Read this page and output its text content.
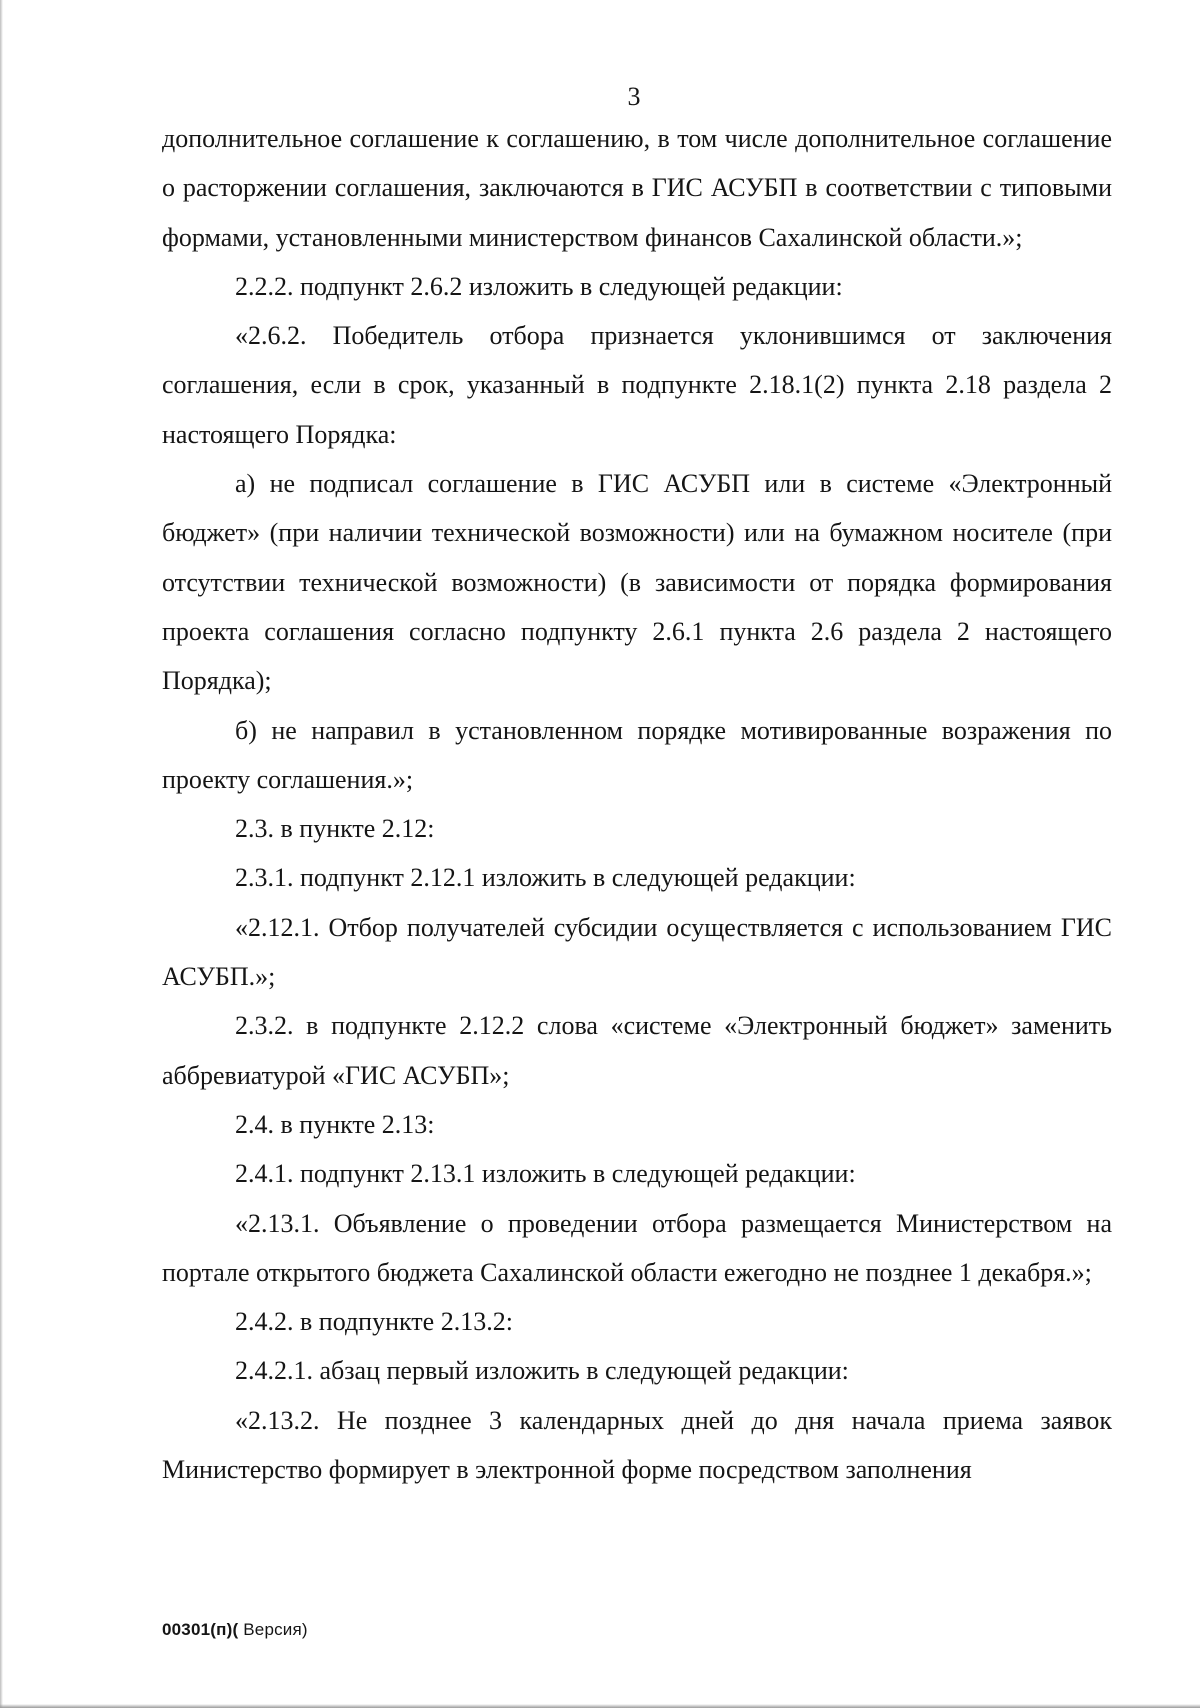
3

дополнительное соглашение к соглашению, в том числе дополнительное соглашение о расторжении соглашения, заключаются в ГИС АСУБП в соответствии с типовыми формами, установленными министерством финансов Сахалинской области.»;

2.2.2. подпункт 2.6.2 изложить в следующей редакции:

«2.6.2. Победитель отбора признается уклонившимся от заключения соглашения, если в срок, указанный в подпункте 2.18.1(2) пункта 2.18 раздела 2 настоящего Порядка:

а) не подписал соглашение в ГИС АСУБП или в системе «Электронный бюджет» (при наличии технической возможности) или на бумажном носителе (при отсутствии технической возможности) (в зависимости от порядка формирования проекта соглашения согласно подпункту 2.6.1 пункта 2.6 раздела 2 настоящего Порядка);

б) не направил в установленном порядке мотивированные возражения по проекту соглашения.»;

2.3. в пункте 2.12:

2.3.1. подпункт 2.12.1 изложить в следующей редакции:

«2.12.1. Отбор получателей субсидии осуществляется с использованием ГИС АСУБП.»;

2.3.2. в подпункте 2.12.2 слова «системе «Электронный бюджет» заменить аббревиатурой «ГИС АСУБП»;

2.4. в пункте 2.13:

2.4.1. подпункт 2.13.1 изложить в следующей редакции:

«2.13.1. Объявление о проведении отбора размещается Министерством на портале открытого бюджета Сахалинской области ежегодно не позднее 1 декабря.»;

2.4.2. в подпункте 2.13.2:

2.4.2.1. абзац первый изложить в следующей редакции:

«2.13.2. Не позднее 3 календарных дней до дня начала приема заявок Министерство формирует в электронной форме посредством заполнения

00301(п)( Версия)
